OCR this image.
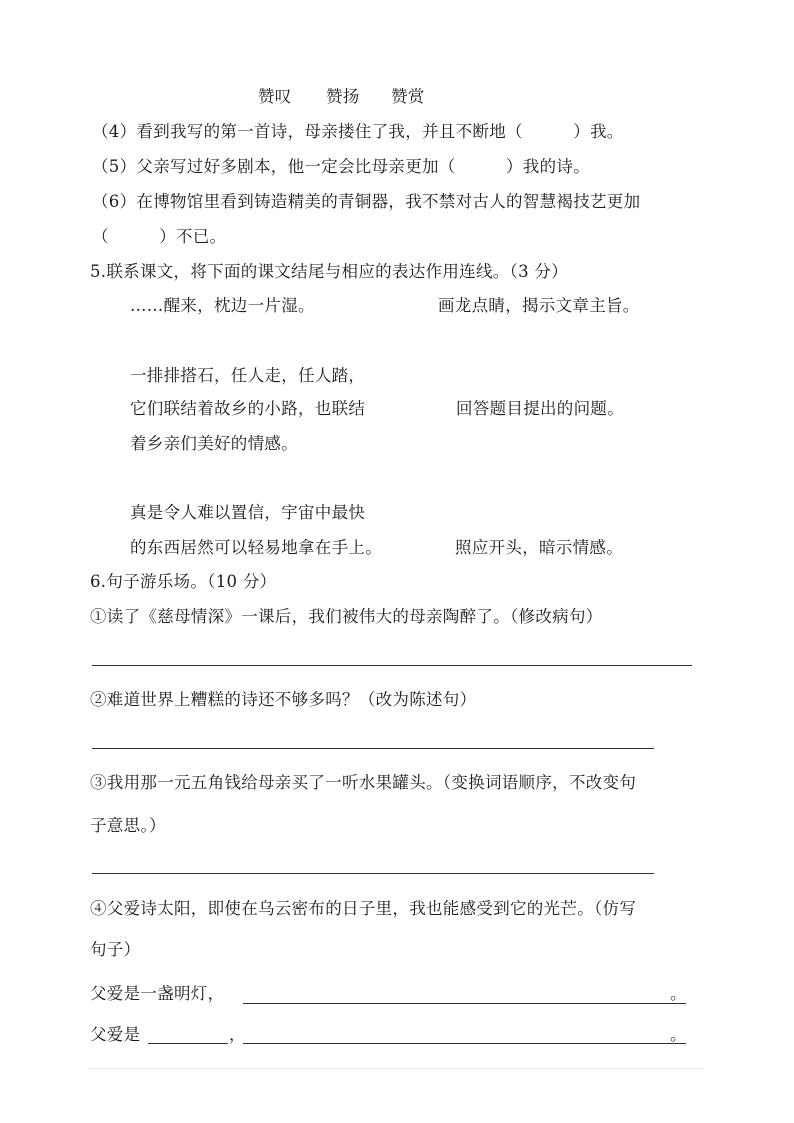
赞叹 赞扬 赞赏
（4）看到我写的第一首诗，母亲搂住了我，并且不断地（　　　）我。
（5）父亲写过好多剧本，他一定会比母亲更加（　　　）我的诗。
（6）在博物馆里看到铸造精美的青铜器，我不禁对古人的智慧褐技艺更加
（　　　）不已。
5.联系课文，将下面的课文结尾与相应的表达作用连线。（3 分）
……醒来，枕边一片湿。	画龙点睛，揭示文章主旨。
一排排搭石，任人走，任人踏，
它们联结着故乡的小路，也联结	回答题目提出的问题。
着乡亲们美好的情感。
真是令人难以置信，宇宙中最快
的东西居然可以轻易地拿在手上。	照应开头，暗示情感。
6.句子游乐场。（10 分）
①读了《慈母情深》一课后，我们被伟大的母亲陶醉了。（修改病句）
②难道世界上糟糕的诗还不够多吗？（改为陈述句）
③我用那一元五角钱给母亲买了一听水果罐头。（变换词语顺序，不改变句
子意思。）
④父爱诗太阳，即使在乌云密布的日子里，我也能感受到它的光芒。（仿写
句子）
父爱是一盏明灯，	。
父爱是	，	。
